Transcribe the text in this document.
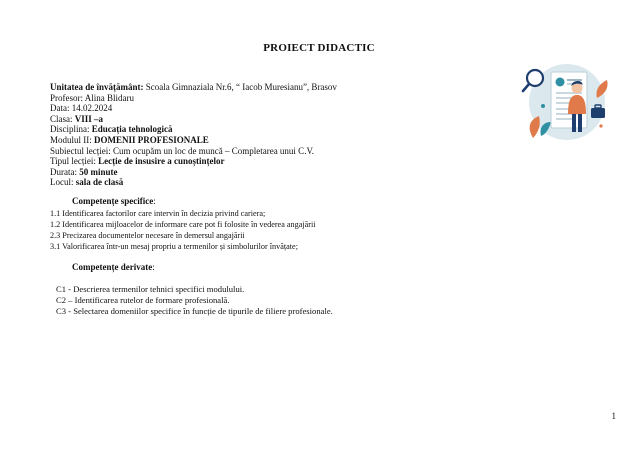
PROIECT DIDACTIC
Unitatea de învățământ: Scoala Gimnaziala Nr.6, “ Iacob Muresianu”, Brasov
Profesor: Alina Blidaru
Data: 14.02.2024
Clasa: VIII –a
Disciplina: Educația tehnologică
Modulul II: DOMENII PROFESIONALE
Subiectul lecției: Cum ocupăm un loc de muncă – Completarea unui C.V.
Tipul lecției: Lecție de insusire a cunoștințelor
Durata: 50 minute
Locul: sala de clasă
Competențe specifice:
1.1 Identificarea factorilor care intervin în decizia privind cariera;
1.2 Identificarea mijloacelor de informare care pot fi folosite în vederea angajării
2.3 Precizarea documentelor necesare în demersul angajării
3.1 Valorificarea într-un mesaj propriu a termenilor și simbolurilor învățate;
Competențe derivate:
C1 - Descrierea termenilor tehnici specifici modulului.
C2 – Identificarea rutelor de formare profesională.
C3 - Selectarea domeniilor specifice în funcție de tipurile de filiere profesionale.
1
